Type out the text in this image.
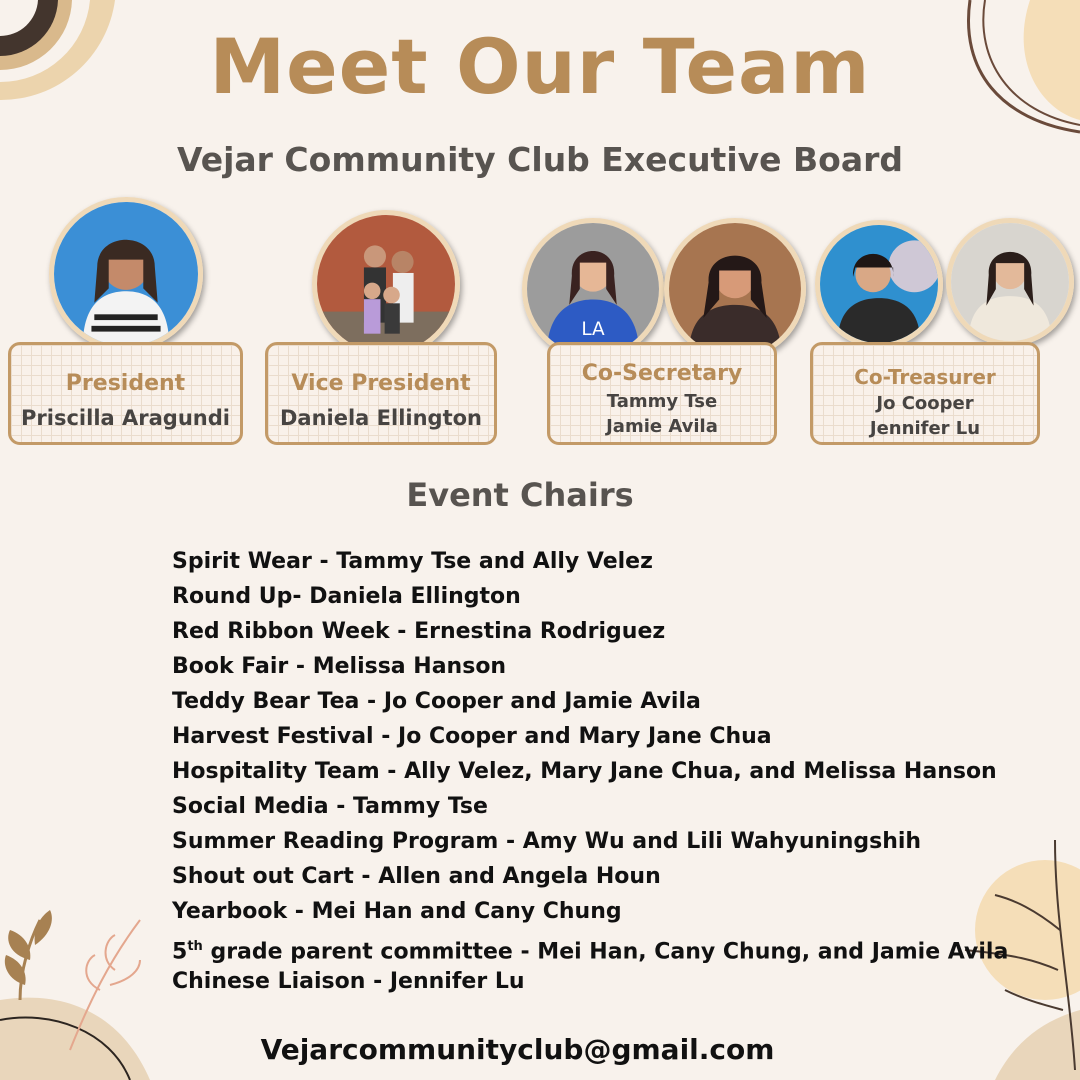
Meet Our Team
Vejar Community Club Executive Board
LA
President
Priscilla Aragundi
Vice President
Daniela Ellington
Co-Secretary
Tammy Tse
Jamie Avila
Co-Treasurer
Jo Cooper
Jennifer Lu
Event Chairs
Spirit Wear - Tammy Tse and Ally Velez
Round Up- Daniela Ellington
Red Ribbon Week - Ernestina Rodriguez
Book Fair - Melissa Hanson
Teddy Bear Tea - Jo Cooper and Jamie Avila
Harvest Festival - Jo Cooper and Mary Jane Chua
Hospitality Team - Ally Velez, Mary Jane Chua, and Melissa Hanson
Social Media - Tammy Tse
Summer Reading Program - Amy Wu and Lili Wahyuningshih
Shout out Cart - Allen and Angela Houn
Yearbook - Mei Han and Cany Chung
5th grade parent committee - Mei Han, Cany Chung, and Jamie Avila
Chinese Liaison - Jennifer Lu
Vejarcommunityclub@gmail.com
